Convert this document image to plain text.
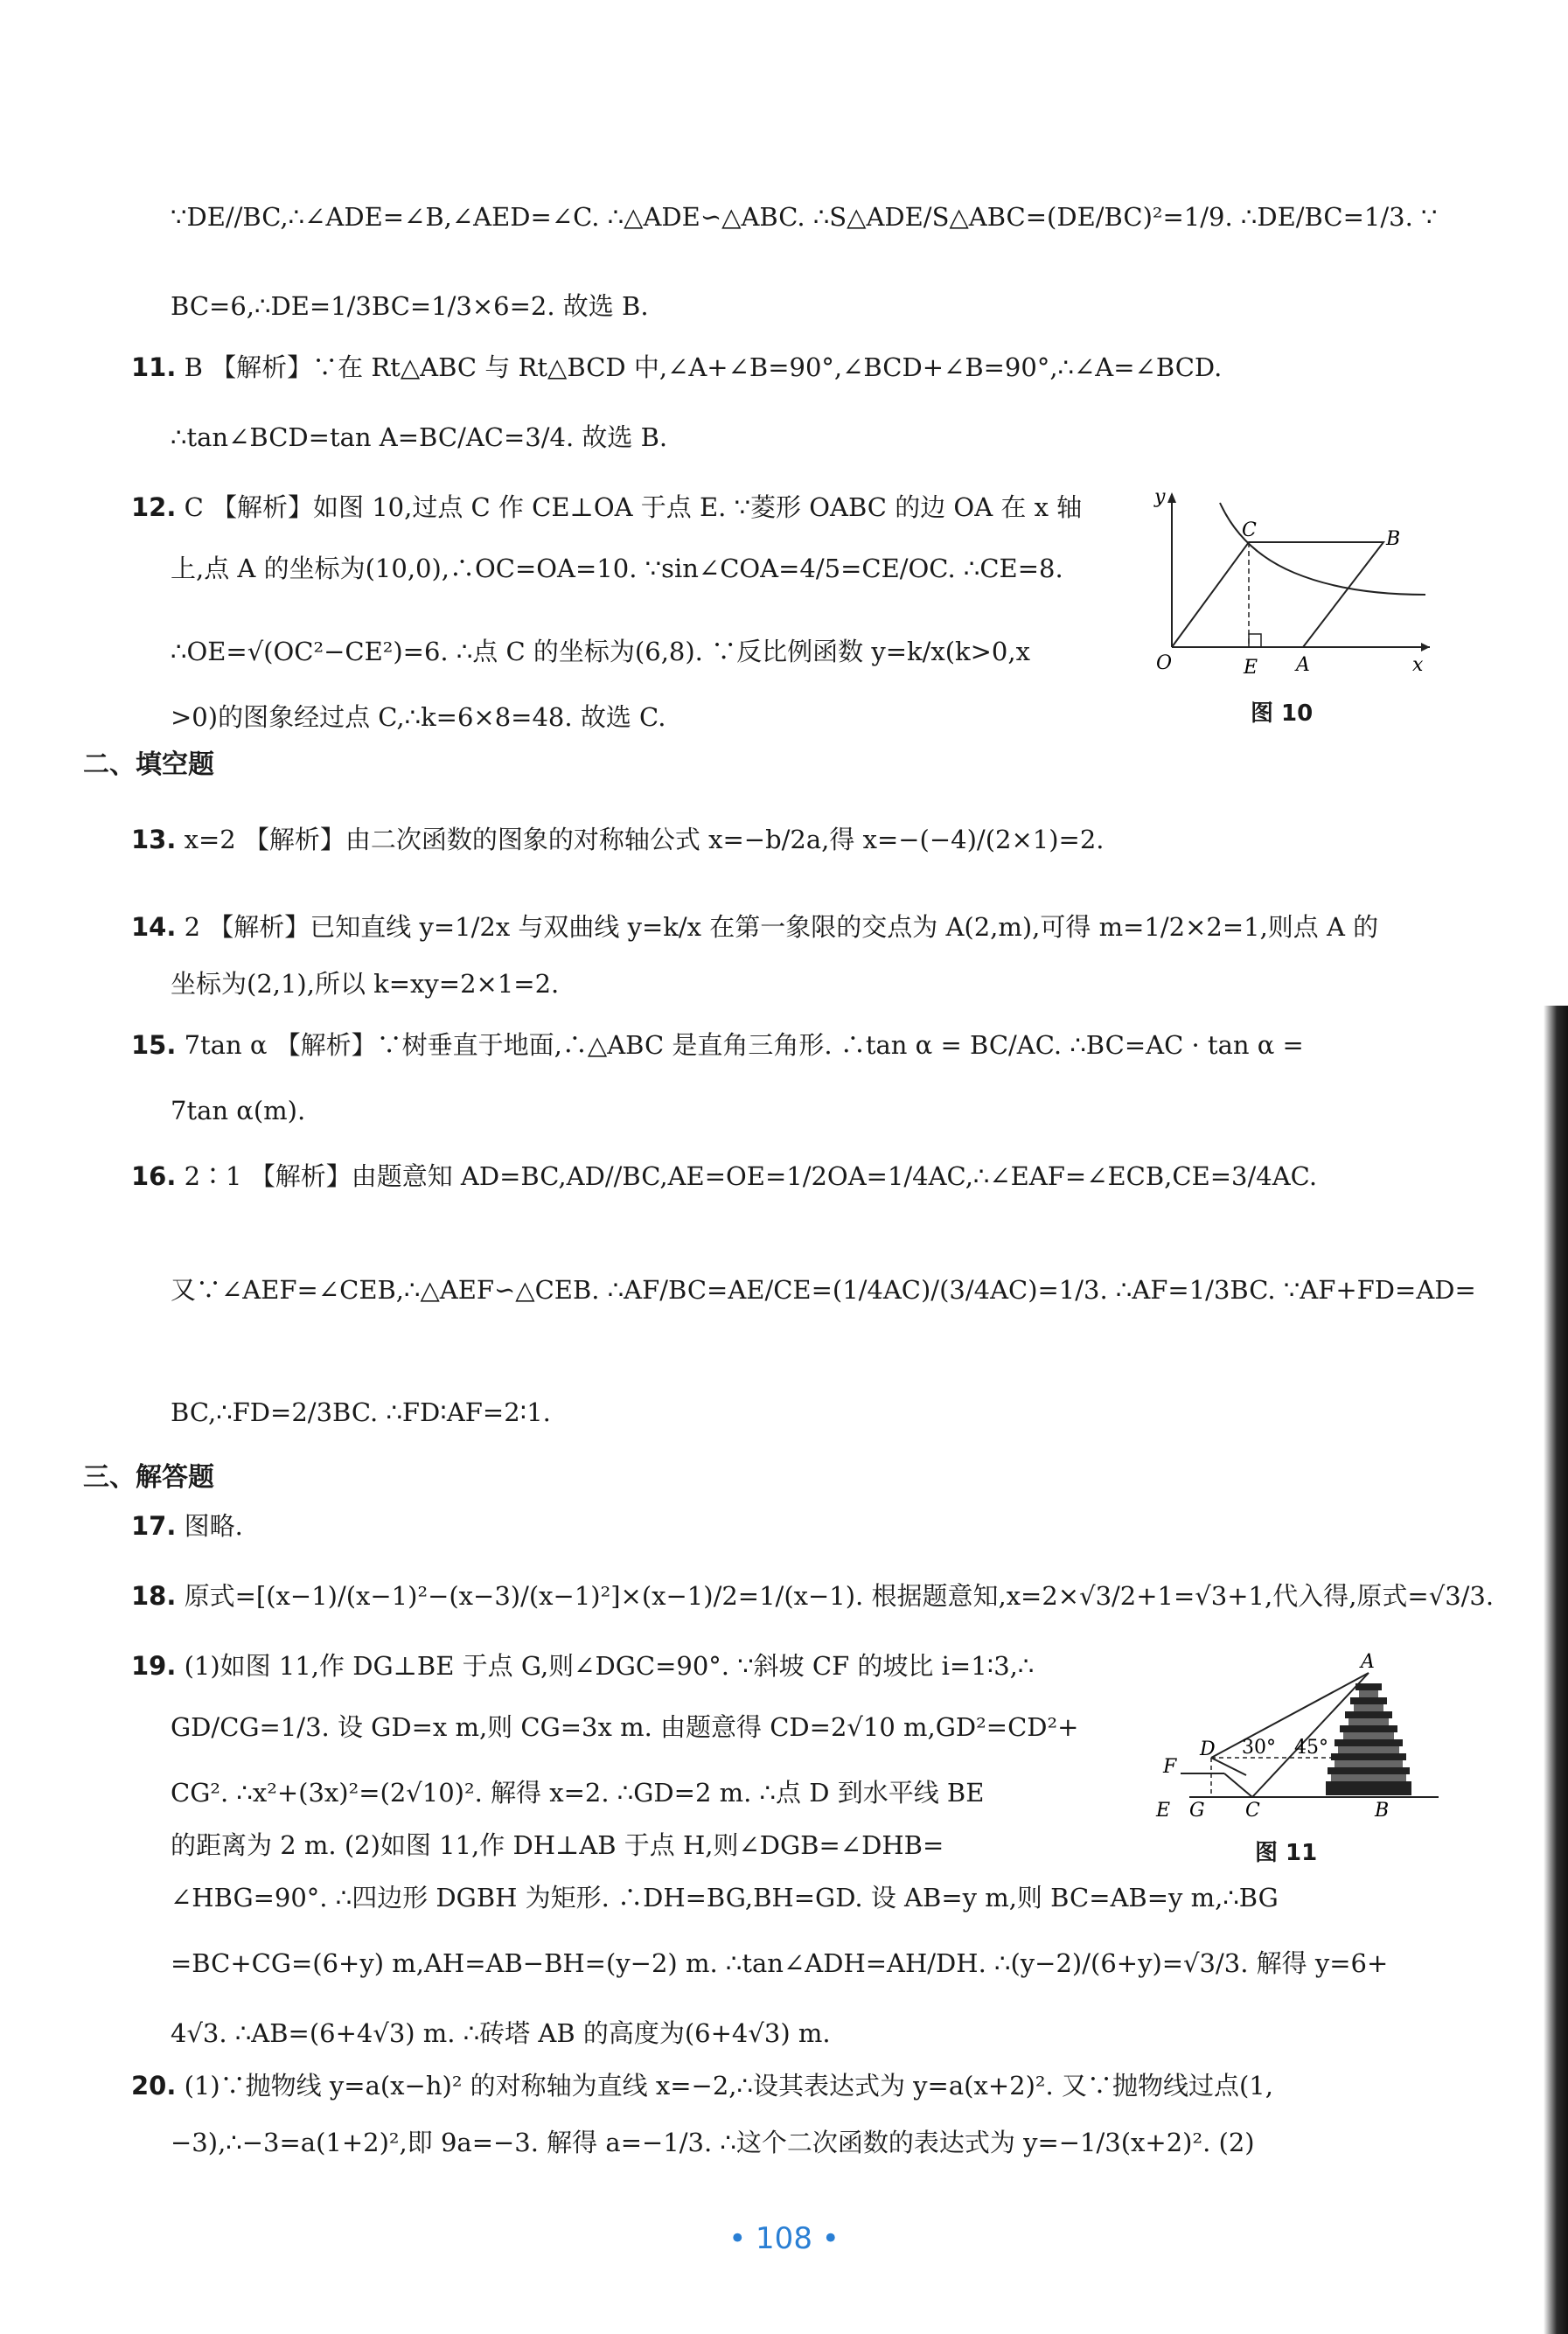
∵DE//BC,∴∠ADE=∠B,∠AED=∠C. ∴△ADE∽△ABC. ∴S△ADE/S△ABC=(DE/BC)²=1/9. ∴DE/BC=1/3. ∵
BC=6,∴DE=1/3BC=1/3×6=2. 故选 B.
11. B 【解析】∵在 Rt△ABC 与 Rt△BCD 中,∠A+∠B=90°,∠BCD+∠B=90°,∴∠A=∠BCD.
∴tan∠BCD=tan A=BC/AC=3/4. 故选 B.
12. C 【解析】如图 10,过点 C 作 CE⊥OA 于点 E. ∵菱形 OABC 的边 OA 在 x 轴
上,点 A 的坐标为(10,0),∴OC=OA=10. ∵sin∠COA=4/5=CE/OC. ∴CE=8.
∴OE=√(OC²−CE²)=6. ∴点 C 的坐标为(6,8). ∵反比例函数 y=k/x(k>0,x
>0)的图象经过点 C,∴k=6×8=48. 故选 C.
13. x=2 【解析】由二次函数的图象的对称轴公式 x=−b/2a,得 x=−(−4)/(2×1)=2.
14. 2 【解析】已知直线 y=1/2x 与双曲线 y=k/x 在第一象限的交点为 A(2,m),可得 m=1/2×2=1,则点 A 的
坐标为(2,1),所以 k=xy=2×1=2.
15. 7tan α 【解析】∵树垂直于地面,∴△ABC 是直角三角形. ∴tan α = BC/AC. ∴BC=AC · tan α =
7tan α(m).
16. 2∶1 【解析】由题意知 AD=BC,AD//BC,AE=OE=1/2OA=1/4AC,∴∠EAF=∠ECB,CE=3/4AC.
又∵∠AEF=∠CEB,∴△AEF∽△CEB. ∴AF/BC=AE/CE=(1/4AC)/(3/4AC)=1/3. ∴AF=1/3BC. ∵AF+FD=AD=
BC,∴FD=2/3BC. ∴FD∶AF=2∶1.
17. 图略.
18. 原式=[(x−1)/(x−1)²−(x−3)/(x−1)²]×(x−1)/2=1/(x−1). 根据题意知,x=2×√3/2+1=√3+1,代入得,原式=√3/3.
19. (1)如图 11,作 DG⊥BE 于点 G,则∠DGC=90°. ∵斜坡 CF 的坡比 i=1∶3,∴
GD/CG=1/3. 设 GD=x m,则 CG=3x m. 由题意得 CD=2√10 m,GD²=CD²+
CG². ∴x²+(3x)²=(2√10)². 解得 x=2. ∴GD=2 m. ∴点 D 到水平线 BE
的距离为 2 m. (2)如图 11,作 DH⊥AB 于点 H,则∠DGB=∠DHB=
∠HBG=90°. ∴四边形 DGBH 为矩形. ∴DH=BG,BH=GD. 设 AB=y m,则 BC=AB=y m,∴BG
=BC+CG=(6+y) m,AH=AB−BH=(y−2) m. ∴tan∠ADH=AH/DH. ∴(y−2)/(6+y)=√3/3. 解得 y=6+
4√3. ∴AB=(6+4√3) m. ∴砖塔 AB 的高度为(6+4√3) m.
20. (1)∵抛物线 y=a(x−h)² 的对称轴为直线 x=−2,∴设其表达式为 y=a(x+2)². 又∵抛物线过点(1,
−3),∴−3=a(1+2)²,即 9a=−3. 解得 a=−1/3. ∴这个二次函数的表达式为 y=−1/3(x+2)². (2)
二、填空题
三、解答题
y
x
O	E A
C	B
图 10
A
D
F
E G C	B
30° 45°
图 11
• 108 •
